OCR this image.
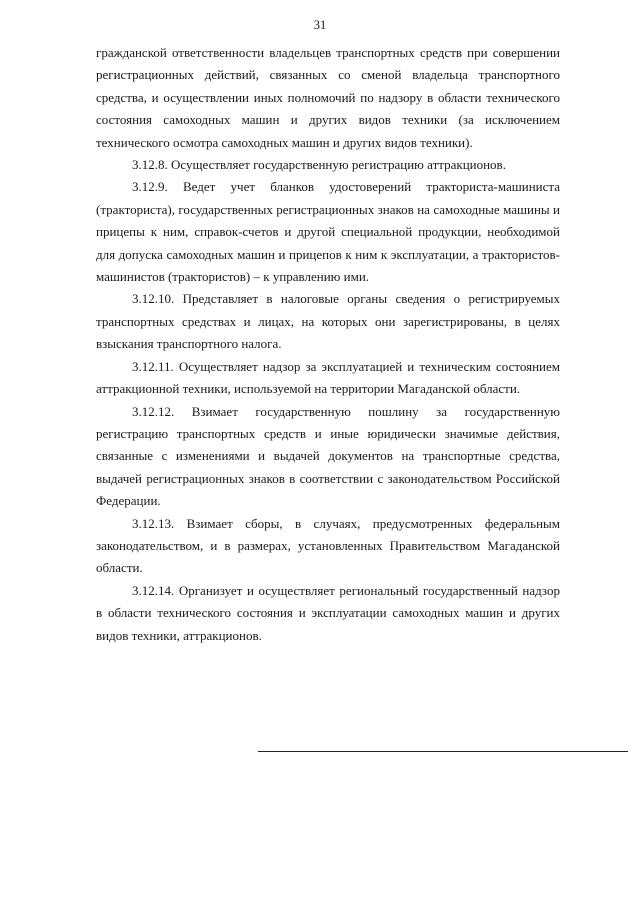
31

гражданской ответственности владельцев транспортных средств при совершении регистрационных действий, связанных со сменой владельца транспортного средства, и осуществлении иных полномочий по надзору в области технического состояния самоходных машин и других видов техники (за исключением технического осмотра самоходных машин и других видов техники).

3.12.8. Осуществляет государственную регистрацию аттракционов.

3.12.9. Ведет учет бланков удостоверений тракториста-машиниста (тракториста), государственных регистрационных знаков на самоходные машины и прицепы к ним, справок-счетов и другой специальной продукции, необходимой для допуска самоходных машин и прицепов к ним к эксплуатации, а трактористов-машинистов (трактористов) – к управлению ими.

3.12.10. Представляет в налоговые органы сведения о регистрируемых транспортных средствах и лицах, на которых они зарегистрированы, в целях взыскания транспортного налога.

3.12.11. Осуществляет надзор за эксплуатацией и техническим состоянием аттракционной техники, используемой на территории Магаданской области.

3.12.12. Взимает государственную пошлину за государственную регистрацию транспортных средств и иные юридически значимые действия, связанные с изменениями и выдачей документов на транспортные средства, выдачей регистрационных знаков в соответствии с законодательством Российской Федерации.

3.12.13. Взимает сборы, в случаях, предусмотренных федеральным законодательством, и в размерах, установленных Правительством Магаданской области.

3.12.14. Организует и осуществляет региональный государственный надзор в области технического состояния и эксплуатации самоходных машин и других видов техники, аттракционов.
